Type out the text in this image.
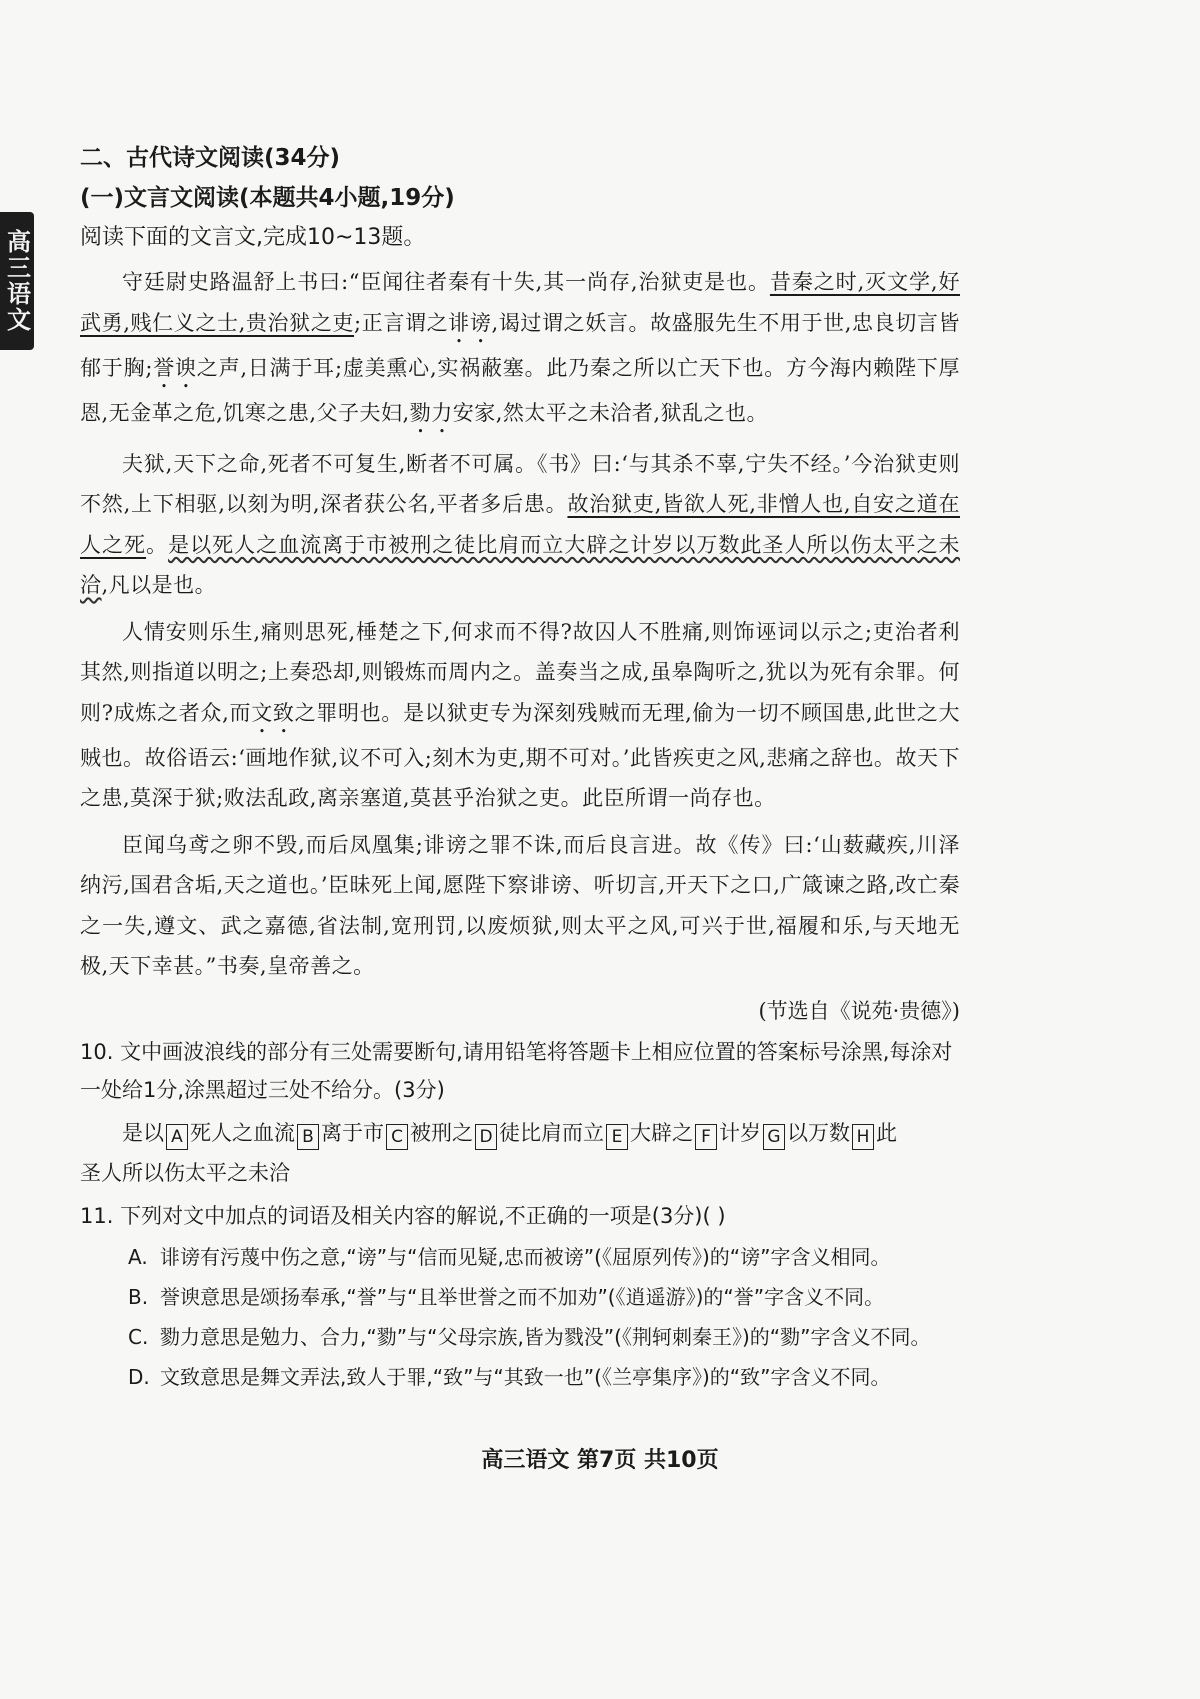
高三语文

二、古代诗文阅读(34分)

(一)文言文阅读(本题共4小题,19分)

阅读下面的文言文,完成10~13题。

守廷尉史路温舒上书曰:“臣闻往者秦有十失,其一尚存,治狱吏是也。昔秦之时,灭文学,好武勇,贱仁义之士,贵治狱之吏;正言谓之诽谤,谒过谓之妖言。故盛服先生不用于世,忠良切言皆郁于胸;誉谀之声,日满于耳;虚美熏心,实祸蔽塞。此乃秦之所以亡天下也。方今海内赖陛下厚恩,无金革之危,饥寒之患,父子夫妇,勠力安家,然太平之未洽者,狱乱之也。

夫狱,天下之命,死者不可复生,断者不可属。《书》曰:‘与其杀不辜,宁失不经。’今治狱吏则不然,上下相驱,以刻为明,深者获公名,平者多后患。故治狱吏,皆欲人死,非憎人也,自安之道在人之死。是以死人之血流离于市被刑之徒比肩而立大辟之计岁以万数此圣人所以伤太平之未洽,凡以是也。

人情安则乐生,痛则思死,棰楚之下,何求而不得?故囚人不胜痛,则饰诬词以示之;吏治者利其然,则指道以明之;上奏恐却,则锻炼而周内之。盖奏当之成,虽皋陶听之,犹以为死有余罪。何则?成炼之者众,而文致之罪明也。是以狱吏专为深刻残贼而无理,偷为一切不顾国患,此世之大贼也。故俗语云:‘画地作狱,议不可入;刻木为吏,期不可对。’此皆疾吏之风,悲痛之辞也。故天下之患,莫深于狱;败法乱政,离亲塞道,莫甚乎治狱之吏。此臣所谓一尚存也。

臣闻乌鸢之卵不毁,而后凤凰集;诽谤之罪不诛,而后良言进。故《传》曰:‘山薮藏疾,川泽纳污,国君含垢,天之道也。’臣昧死上闻,愿陛下察诽谤、听切言,开天下之口,广箴谏之路,改亡秦之一失,遵文、武之嘉德,省法制,宽刑罚,以废烦狱,则太平之风,可兴于世,福履和乐,与天地无极,天下幸甚。”书奏,皇帝善之。

(节选自《说苑·贵德》)

10. 文中画波浪线的部分有三处需要断句,请用铅笔将答题卡上相应位置的答案标号涂黑,每涂对一处给1分,涂黑超过三处不给分。(3分)

是以 A 死人之血流 B 离于市 C 被刑之 D 徒比肩而立 E 大辟之 F 计岁 G 以万数 H 此

圣人所以伤太平之未洽

11. 下列对文中加点的词语及相关内容的解说,不正确的一项是(3分)( )

A. 诽谤有污蔑中伤之意,“谤”与“信而见疑,忠而被谤”(《屈原列传》)的“谤”字含义相同。
B. 誉谀意思是颂扬奉承,“誉”与“且举世誉之而不加劝”(《逍遥游》)的“誉”字含义不同。
C. 勠力意思是勉力、合力,“勠”与“父母宗族,皆为戮没”(《荆轲刺秦王》)的“勠”字含义不同。
D. 文致意思是舞文弄法,致人于罪,“致”与“其致一也”(《兰亭集序》)的“致”字含义不同。
高三语文 第7页 共10页
